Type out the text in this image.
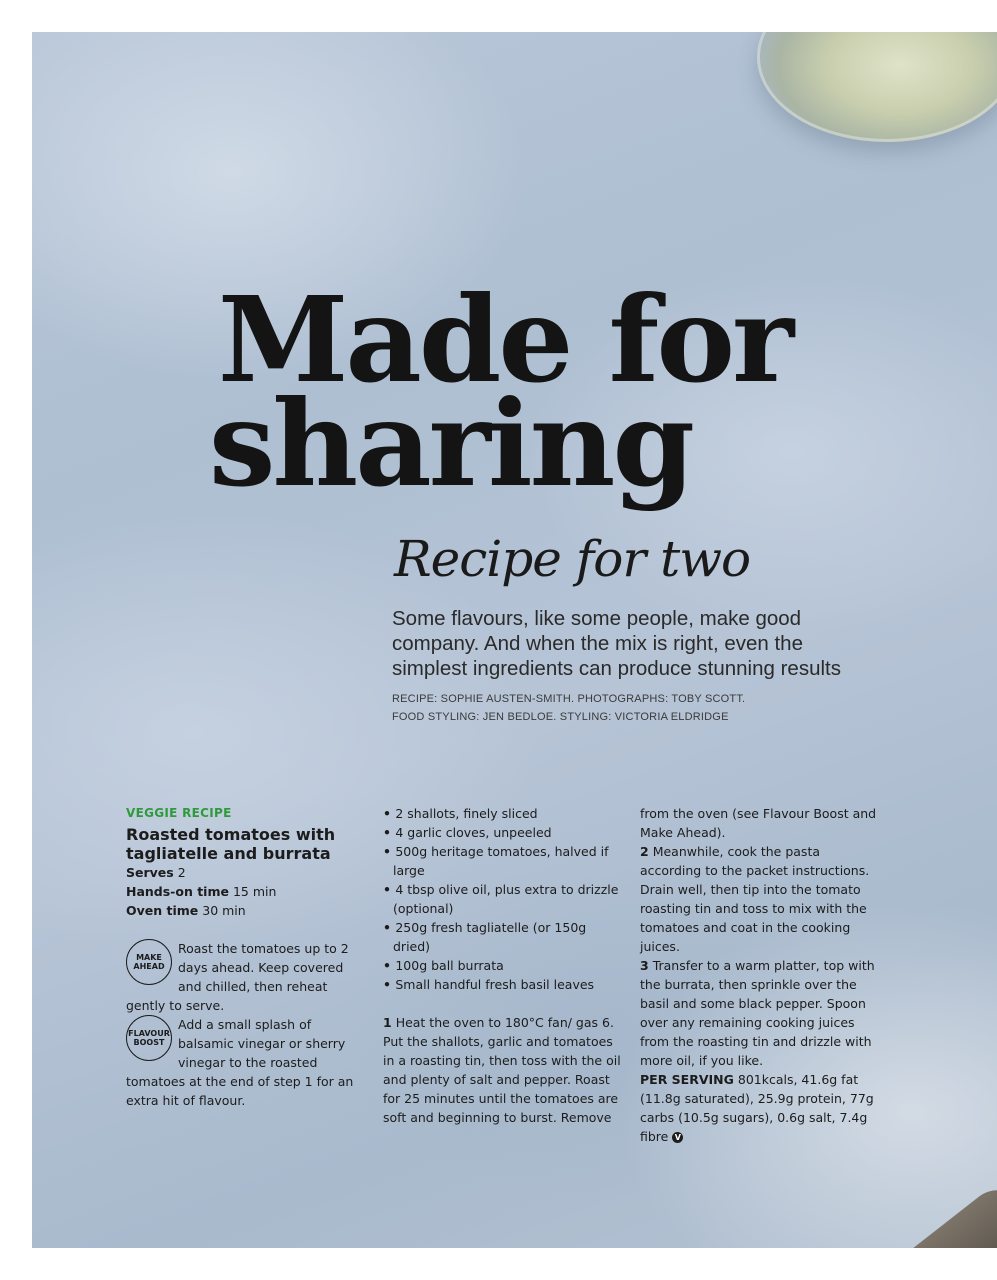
Made for
sharing

Recipe for two

Some flavours, like some people, make good company. And when the mix is right, even the simplest ingredients can produce stunning results

RECIPE: SOPHIE AUSTEN-SMITH. PHOTOGRAPHS: TOBY SCOTT.
FOOD STYLING: JEN BEDLOE. STYLING: VICTORIA ELDRIDGE

VEGGIE RECIPE
Roasted tomatoes with tagliatelle and burrata
Serves 2
Hands-on time 15 min
Oven time 30 min
MAKE AHEAD

Roast the tomatoes up to 2 days ahead. Keep covered and chilled, then reheat gently to serve.

FLAVOUR BOOST

Add a small splash of balsamic vinegar or sherry vinegar to the roasted tomatoes at the end of step 1 for an extra hit of flavour.

• 2 shallots, finely sliced
• 4 garlic cloves, unpeeled
• 500g heritage tomatoes, halved if large
• 4 tbsp olive oil, plus extra to drizzle (optional)
• 250g fresh tagliatelle (or 150g dried)
• 100g ball burrata
• Small handful fresh basil leaves
1 Heat the oven to 180°C fan/ gas 6. Put the shallots, garlic and tomatoes in a roasting tin, then toss with the oil and plenty of salt and pepper. Roast for 25 minutes until the tomatoes are soft and beginning to burst. Remove
from the oven (see Flavour Boost and Make Ahead).
2 Meanwhile, cook the pasta according to the packet instructions. Drain well, then tip into the tomato roasting tin and toss to mix with the tomatoes and coat in the cooking juices.
3 Transfer to a warm platter, top with the burrata, then sprinkle over the basil and some black pepper. Spoon over any remaining cooking juices from the roasting tin and drizzle with more oil, if you like.
PER SERVING 801kcals, 41.6g fat (11.8g saturated), 25.9g protein, 77g carbs (10.5g sugars), 0.6g salt, 7.4g fibre V
